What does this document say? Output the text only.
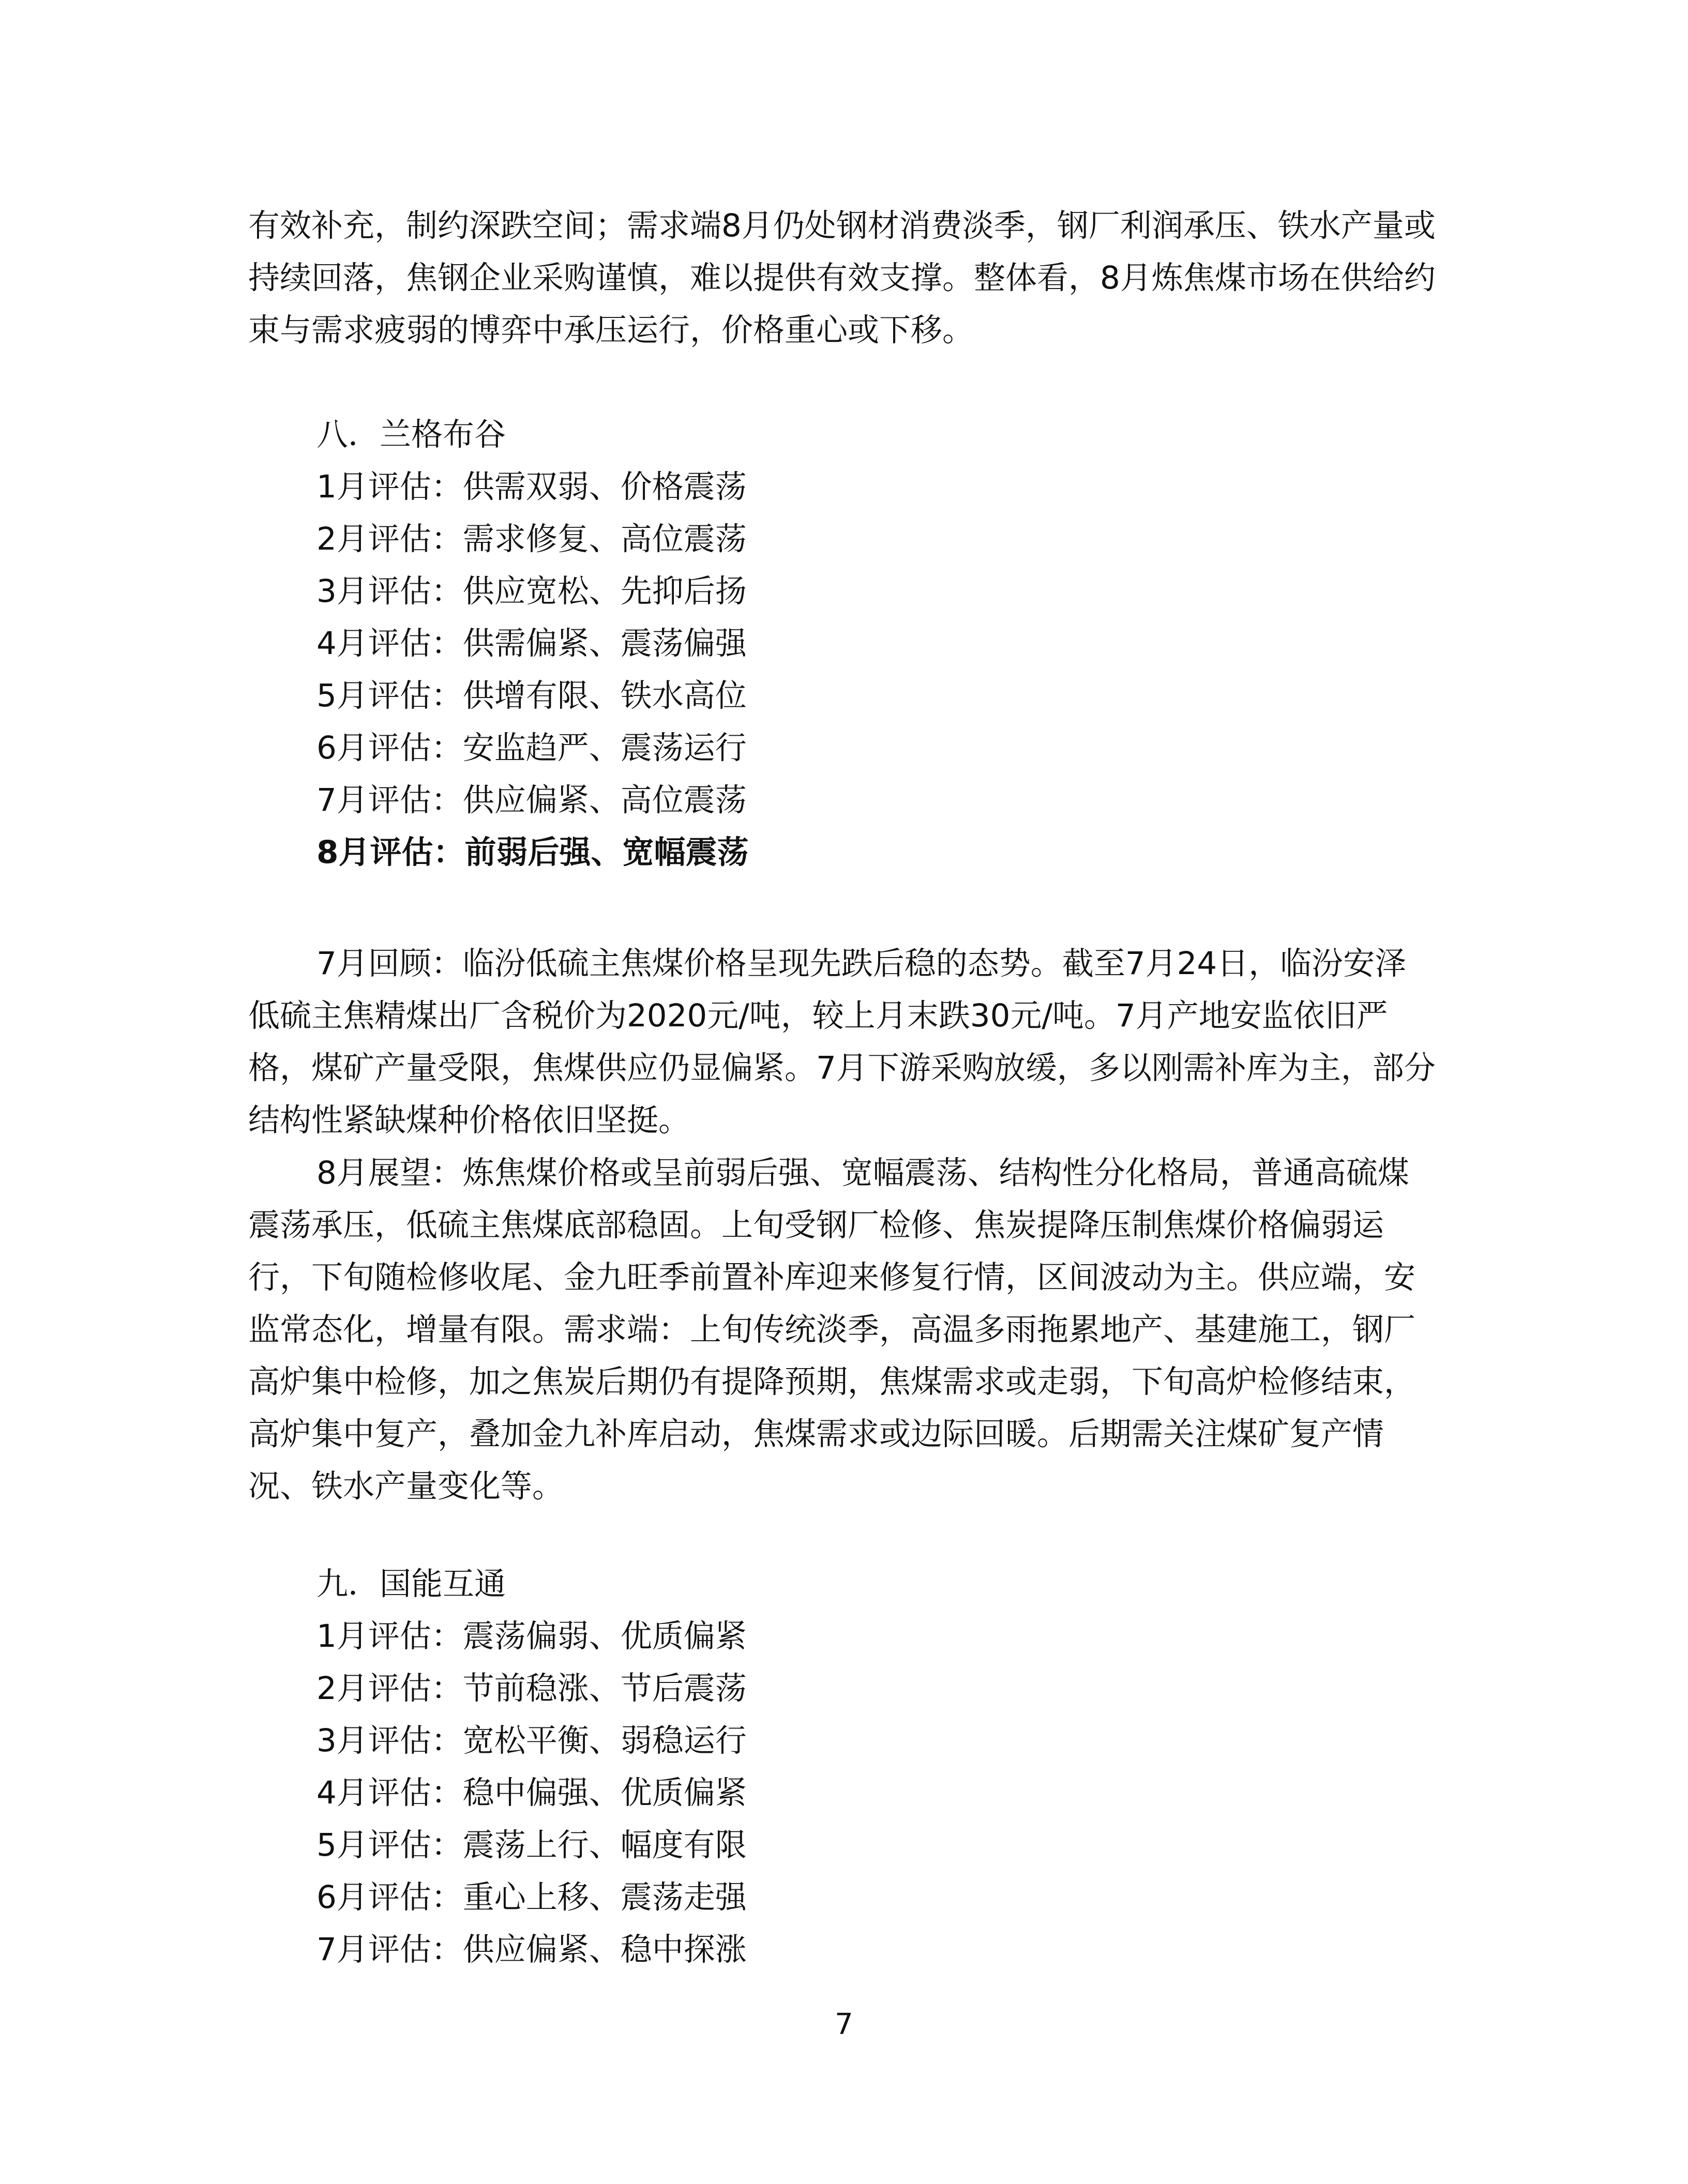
有效补充，制约深跌空间；需求端8月仍处钢材消费淡季，钢厂利润承压、铁水产量或持续回落，焦钢企业采购谨慎，难以提供有效支撑。整体看，8月炼焦煤市场在供给约束与需求疲弱的博弈中承压运行，价格重心或下移。

八．兰格布谷

1月评估：供需双弱、价格震荡
2月评估：需求修复、高位震荡
3月评估：供应宽松、先抑后扬
4月评估：供需偏紧、震荡偏强
5月评估：供增有限、铁水高位
6月评估：安监趋严、震荡运行
7月评估：供应偏紧、高位震荡
8月评估：前弱后强、宽幅震荡

7月回顾：临汾低硫主焦煤价格呈现先跌后稳的态势。截至7月24日，临汾安泽低硫主焦精煤出厂含税价为2020元/吨，较上月末跌30元/吨。7月产地安监依旧严格，煤矿产量受限，焦煤供应仍显偏紧。7月下游采购放缓，多以刚需补库为主，部分结构性紧缺煤种价格依旧坚挺。

8月展望：炼焦煤价格或呈前弱后强、宽幅震荡、结构性分化格局，普通高硫煤震荡承压，低硫主焦煤底部稳固。上旬受钢厂检修、焦炭提降压制焦煤价格偏弱运行，下旬随检修收尾、金九旺季前置补库迎来修复行情，区间波动为主。供应端，安监常态化，增量有限。需求端：上旬传统淡季，高温多雨拖累地产、基建施工，钢厂高炉集中检修，加之焦炭后期仍有提降预期，焦煤需求或走弱，下旬高炉检修结束，高炉集中复产，叠加金九补库启动，焦煤需求或边际回暖。后期需关注煤矿复产情况、铁水产量变化等。

九．国能互通

1月评估：震荡偏弱、优质偏紧
2月评估：节前稳涨、节后震荡
3月评估：宽松平衡、弱稳运行
4月评估：稳中偏强、优质偏紧
5月评估：震荡上行、幅度有限
6月评估：重心上移、震荡走强
7月评估：供应偏紧、稳中探涨
7
